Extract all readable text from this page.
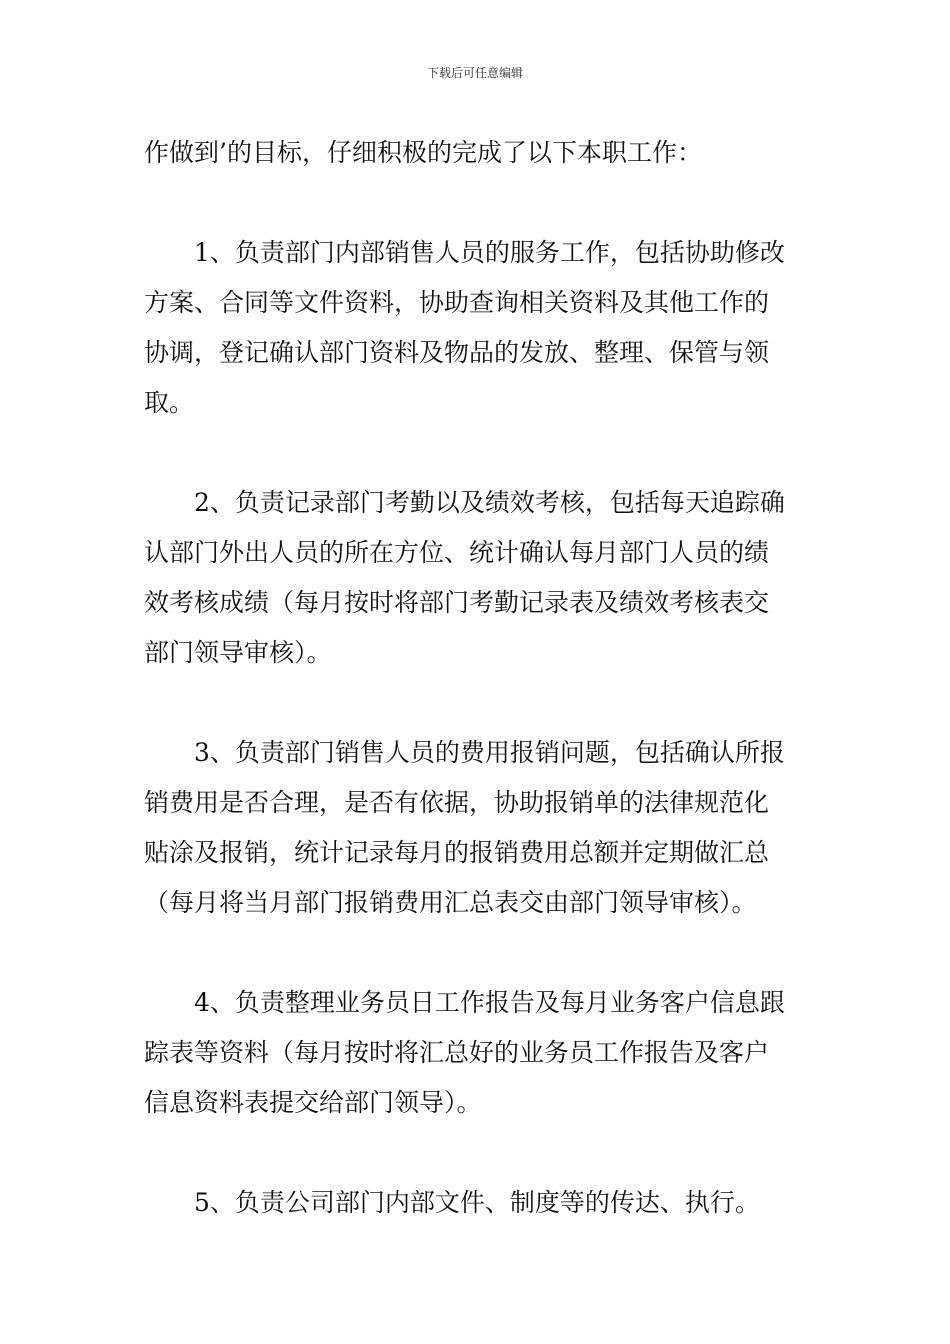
下载后可任意编辑

作做到’的目标，仔细积极的完成了以下本职工作：

1、负责部门内部销售人员的服务工作，包括协助修改

方案、合同等文件资料，协助查询相关资料及其他工作的

协调，登记确认部门资料及物品的发放、整理、保管与领

取。

2、负责记录部门考勤以及绩效考核，包括每天追踪确

认部门外出人员的所在方位、统计确认每月部门人员的绩

效考核成绩（每月按时将部门考勤记录表及绩效考核表交

部门领导审核）。

3、负责部门销售人员的费用报销问题，包括确认所报

销费用是否合理，是否有依据，协助报销单的法律规范化

贴涂及报销，统计记录每月的报销费用总额并定期做汇总

（每月将当月部门报销费用汇总表交由部门领导审核）。

4、负责整理业务员日工作报告及每月业务客户信息跟

踪表等资料（每月按时将汇总好的业务员工作报告及客户

信息资料表提交给部门领导）。

5、负责公司部门内部文件、制度等的传达、执行。
